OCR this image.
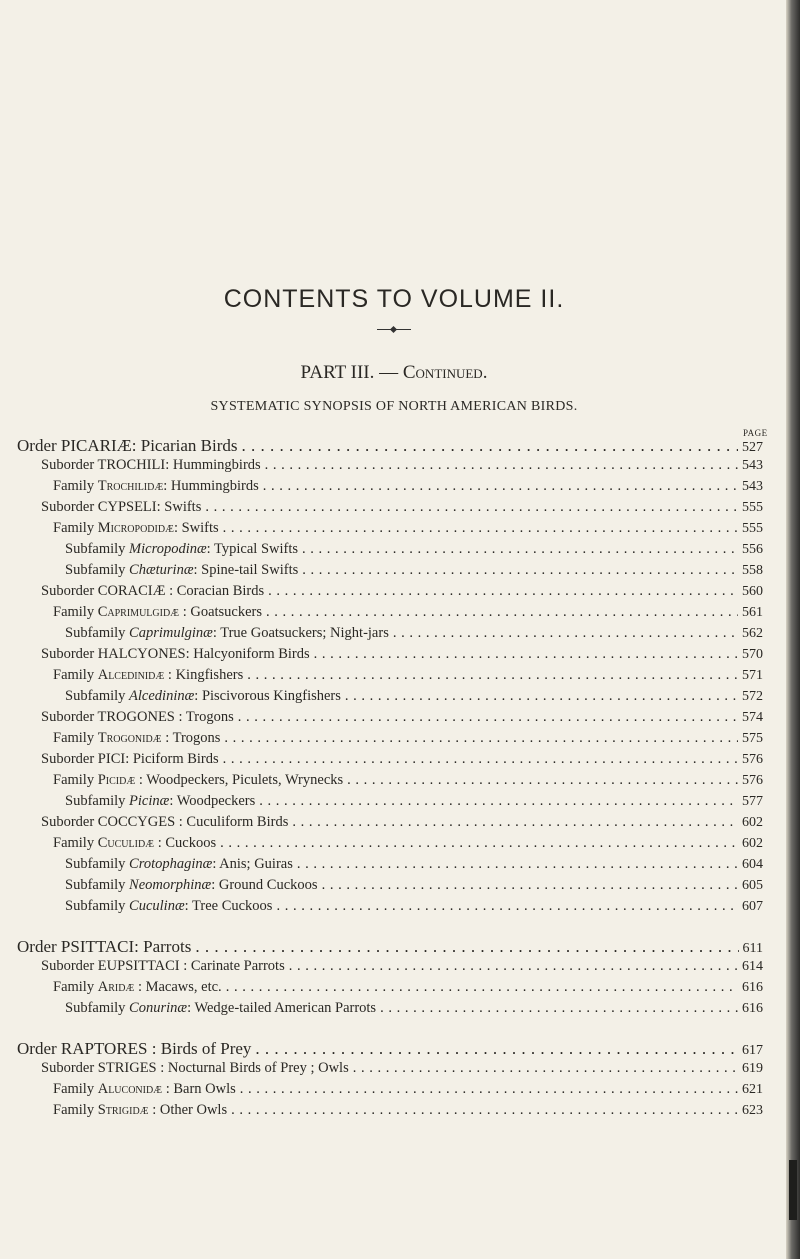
CONTENTS TO VOLUME II.
PART III. — Continued.
SYSTEMATIC SYNOPSIS OF NORTH AMERICAN BIRDS.
PAGE
Order PICARIÆ: Picarian Birds . . .	527
Suborder TROCHILI: Hummingbirds . . .	543
Family Trochilidæ: Hummingbirds . . .	543
Suborder CYPSELI: Swifts . . .	555
Family Micropodidæ: Swifts . . .	555
Subfamily Micropodinæ: Typical Swifts . . .	556
Subfamily Chæturinæ: Spine-tail Swifts . . .	558
Suborder CORACIÆ : Coracian Birds . . .	560
Family Caprimulgidæ : Goatsuckers . . .	561
Subfamily Caprimulginæ: True Goatsuckers; Night-jars . . .	562
Suborder HALCYONES: Halcyoniform Birds . . .	570
Family Alcedinidæ : Kingfishers . . .	571
Subfamily Alcedininæ: Piscivorous Kingfishers . . .	572
Suborder TROGONES : Trogons . . .	574
Family Trogonidæ : Trogons . . .	575
Suborder PICI: Piciform Birds . . .	576
Family Picidæ : Woodpeckers, Piculets, Wrynecks . . .	576
Subfamily Picinæ: Woodpeckers . . .	577
Suborder COCCYGES : Cuculiform Birds . . .	602
Family Cuculidæ : Cuckoos . . .	602
Subfamily Crotophaginæ: Anis; Guiras . . .	604
Subfamily Neomorphinæ: Ground Cuckoos . . .	605
Subfamily Cuculinæ: Tree Cuckoos . . .	607
Order PSITTACI: Parrots . . .	611
Suborder EUPSITTACI : Carinate Parrots . . .	614
Family Aridæ : Macaws, etc. . . .	616
Subfamily Conurinæ: Wedge-tailed American Parrots . . .	616
Order RAPTORES : Birds of Prey . . .	617
Suborder STRIGES : Nocturnal Birds of Prey ; Owls . . .	619
Family Aluconidæ : Barn Owls . . .	621
Family Strigidæ : Other Owls . . .	623
